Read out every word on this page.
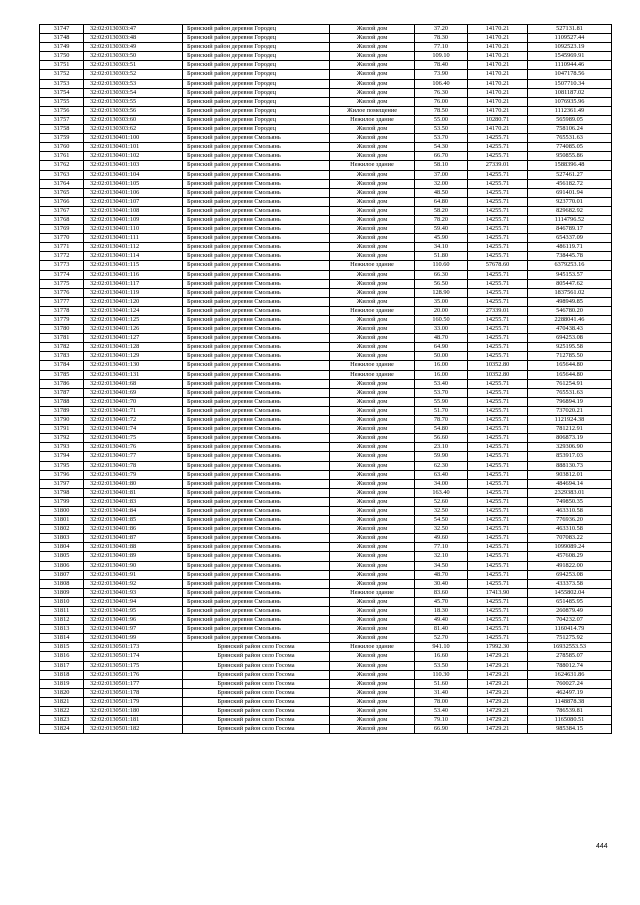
31747	32:02:0130303:47	Брянский район деревня Городец	Жилой дом	37.20	14170.21	527131.81
31748	32:02:0130303:48	Брянский район деревня Городец	Жилой дом	78.30	14170.21	1109527.44
31749	32:02:0130303:49	Брянский район деревня Городец	Жилой дом	77.10	14170.21	1092523.19
31750	32:02:0130303:50	Брянский район деревня Городец	Жилой дом	109.10	14170.21	1545969.91
31751	32:02:0130303:51	Брянский район деревня Городец	Жилой дом	78.40	14170.21	1110944.46
31752	32:02:0130303:52	Брянский район деревня Городец	Жилой дом	73.90	14170.21	1047178.56
31753	32:02:0130303:53	Брянский район деревня Городец	Жилой дом	106.40	14170.21	1507710.34
31754	32:02:0130303:54	Брянский район деревня Городец	Жилой дом	76.30	14170.21	1081187.02
31755	32:02:0130303:55	Брянский район деревня Городец	Жилой дом	76.00	14170.21	1076935.96
31756	32:02:0130303:56	Брянский район деревня Городец	Жилое помещение	78.50	14170.21	1112361.49
31757	32:02:0130303:60	Брянский район деревня Городец	Нежилое здание	55.00	10280.71	565989.05
31758	32:02:0130303:62	Брянский район деревня Городец	Жилой дом	53.50	14170.21	758106.24
31759	32:02:0130401:100	Брянский район деревня Смольянь	Жилой дом	53.70	14255.71	765531.63
31760	32:02:0130401:101	Брянский район деревня Смольянь	Жилой дом	54.30	14255.71	774085.05
31761	32:02:0130401:102	Брянский район деревня Смольянь	Жилой дом	66.70	14255.71	950855.86
31762	32:02:0130401:103	Брянский район деревня Смольянь	Нежилое здание	58.10	27339.01	1588396.48
31763	32:02:0130401:104	Брянский район деревня Смольянь	Жилой дом	37.00	14255.71	527461.27
31764	32:02:0130401:105	Брянский район деревня Смольянь	Жилой дом	32.00	14255.71	456182.72
31765	32:02:0130401:106	Брянский район деревня Смольянь	Жилой дом	48.50	14255.71	691401.94
31766	32:02:0130401:107	Брянский район деревня Смольянь	Жилой дом	64.80	14255.71	923770.01
31767	32:02:0130401:108	Брянский район деревня Смольянь	Жилой дом	58.20	14255.71	829682.92
31768	32:02:0130401:109	Брянский район деревня Смольянь	Жилой дом	78.20	14255.71	1114796.52
31769	32:02:0130401:110	Брянский район деревня Смольянь	Жилой дом	59.40	14255.71	846789.17
31770	32:02:0130401:111	Брянский район деревня Смольянь	Жилой дом	45.90	14255.71	654337.09
31771	32:02:0130401:112	Брянский район деревня Смольянь	Жилой дом	34.10	14255.71	486119.71
31772	32:02:0130401:114	Брянский район деревня Смольянь	Жилой дом	51.80	14255.71	738445.78
31773	32:02:0130401:115	Брянский район деревня Смольянь	Нежилое здание	110.60	57678.60	6379253.16
31774	32:02:0130401:116	Брянский район деревня Смольянь	Жилой дом	66.30	14255.71	945153.57
31775	32:02:0130401:117	Брянский район деревня Смольянь	Жилой дом	56.50	14255.71	805447.62
31776	32:02:0130401:119	Брянский район деревня Смольянь	Жилой дом	128.90	14255.71	1837561.02
31777	32:02:0130401:120	Брянский район деревня Смольянь	Жилой дом	35.00	14255.71	498949.85
31778	32:02:0130401:124	Брянский район деревня Смольянь	Нежилое здание	20.00	27339.01	546780.20
31779	32:02:0130401:125	Брянский район деревня Смольянь	Жилой дом	160.50	14255.71	2288041.46
31780	32:02:0130401:126	Брянский район деревня Смольянь	Жилой дом	33.00	14255.71	470438.43
31781	32:02:0130401:127	Брянский район деревня Смольянь	Жилой дом	48.70	14255.71	694253.08
31782	32:02:0130401:128	Брянский район деревня Смольянь	Жилой дом	64.90	14255.71	925195.58
31783	32:02:0130401:129	Брянский район деревня Смольянь	Жилой дом	50.00	14255.71	712785.50
31784	32:02:0130401:130	Брянский район деревня Смольянь	Нежилое здание	16.00	10352.80	165644.80
31785	32:02:0130401:131	Брянский район деревня Смольянь	Нежилое здание	16.00	10352.80	165644.80
31786	32:02:0130401:68	Брянский район деревня Смольянь	Жилой дом	53.40	14255.71	761254.91
31787	32:02:0130401:69	Брянский район деревня Смольянь	Жилой дом	53.70	14255.71	765531.63
31788	32:02:0130401:70	Брянский район деревня Смольянь	Жилой дом	55.90	14255.71	796894.19
31789	32:02:0130401:71	Брянский район деревня Смольянь	Жилой дом	51.70	14255.71	737020.21
31790	32:02:0130401:72	Брянский район деревня Смольянь	Жилой дом	78.70	14255.71	1121924.38
31791	32:02:0130401:74	Брянский район деревня Смольянь	Жилой дом	54.80	14255.71	781212.91
31792	32:02:0130401:75	Брянский район деревня Смольянь	Жилой дом	56.60	14255.71	806873.19
31793	32:02:0130401:76	Брянский район деревня Смольянь	Жилой дом	23.10	14255.71	329306.90
31794	32:02:0130401:77	Брянский район деревня Смольянь	Жилой дом	59.90	14255.71	853917.03
31795	32:02:0130401:78	Брянский район деревня Смольянь	Жилой дом	62.30	14255.71	888130.73
31796	32:02:0130401:79	Брянский район деревня Смольянь	Жилой дом	63.40	14255.71	903812.01
31797	32:02:0130401:80	Брянский район деревня Смольянь	Жилой дом	34.00	14255.71	484694.14
31798	32:02:0130401:81	Брянский район деревня Смольянь	Жилой дом	163.40	14255.71	2329383.01
31799	32:02:0130401:83	Брянский район деревня Смольянь	Жилой дом	52.60	14255.71	749850.35
31800	32:02:0130401:84	Брянский район деревня Смольянь	Жилой дом	32.50	14255.71	463310.58
31801	32:02:0130401:85	Брянский район деревня Смольянь	Жилой дом	54.50	14255.71	776936.20
31802	32:02:0130401:86	Брянский район деревня Смольянь	Жилой дом	32.50	14255.71	463310.58
31803	32:02:0130401:87	Брянский район деревня Смольянь	Жилой дом	49.60	14255.71	707083.22
31804	32:02:0130401:88	Брянский район деревня Смольянь	Жилой дом	77.10	14255.71	1099089.24
31805	32:02:0130401:89	Брянский район деревня Смольянь	Жилой дом	32.10	14255.71	457608.29
31806	32:02:0130401:90	Брянский район деревня Смольянь	Жилой дом	34.50	14255.71	491822.00
31807	32:02:0130401:91	Брянский район деревня Смольянь	Жилой дом	48.70	14255.71	694253.08
31808	32:02:0130401:92	Брянский район деревня Смольянь	Жилой дом	30.40	14255.71	433373.58
31809	32:02:0130401:93	Брянский район деревня Смольянь	Нежилое здание	83.60	17413.90	1455802.04
31810	32:02:0130401:94	Брянский район деревня Смольянь	Жилой дом	45.70	14255.71	651485.95
31811	32:02:0130401:95	Брянский район деревня Смольянь	Жилой дом	18.30	14255.71	260879.49
31812	32:02:0130401:96	Брянский район деревня Смольянь	Жилой дом	49.40	14255.71	704232.07
31813	32:02:0130401:97	Брянский район деревня Смольянь	Жилой дом	81.40	14255.71	1160414.79
31814	32:02:0130401:99	Брянский район деревня Смольянь	Жилой дом	52.70	14255.71	751275.92
31815	32:02:0130501:173	Брянский район село Госома	Нежилое здание	941.10	17992.30	16932553.53
31816	32:02:0130501:174	Брянский район село Госома	Жилой дом	16.60	14729.21	278585.07
31817	32:02:0130501:175	Брянский район село Госома	Жилой дом	53.50	14729.21	788012.74
31818	32:02:0130501:176	Брянский район село Госома	Жилой дом	110.30	14729.21	1624631.86
31819	32:02:0130501:177	Брянский район село Госома	Жилой дом	51.60	14729.21	760027.24
31820	32:02:0130501:178	Брянский район село Госома	Жилой дом	31.40	14729.21	462497.19
31821	32:02:0130501:179	Брянский район село Госома	Жилой дом	78.00	14729.21	1148878.38
31822	32:02:0130501:180	Брянский район село Госома	Жилой дом	53.40	14729.21	786539.81
31823	32:02:0130501:181	Брянский район село Госома	Жилой дом	79.10	14729.21	1165080.51
31824	32:02:0130501:182	Брянский район село Госома	Жилой дом	66.90	14729.21	985384.15
444
